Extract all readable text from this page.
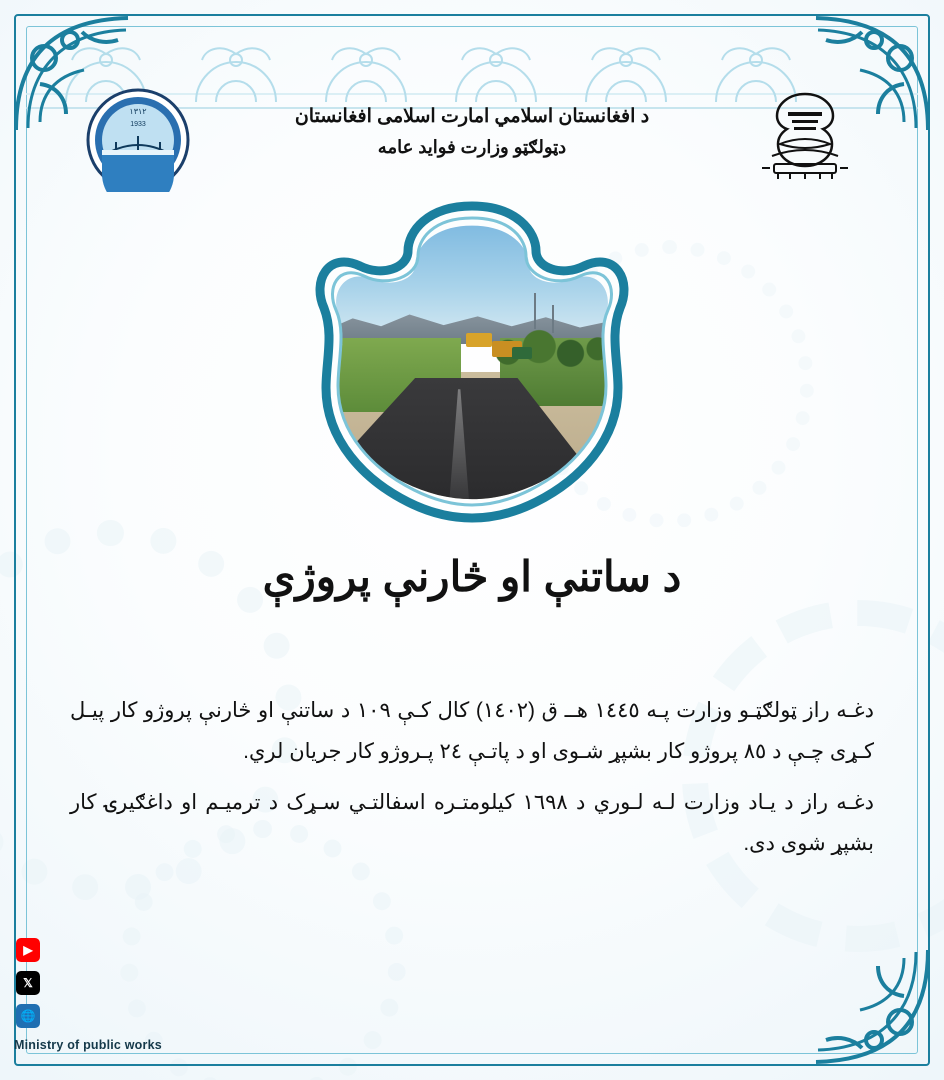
١٣١٢
1933	د افغانستان اسلامي امارت اسلامی افغانستان
دټولګټو وزارت فواید عامه
د ساتنې او څارنې پروژې

دغـه راز ټولګټـو وزارت پـه ١٤٤٥ هــ ق (١٤٠٢) کال کـې ١٠٩ د ساتنې او څارنې پروژو کار پیـل کـړی چـې د ٨٥ پروژو کار بشپړ شـوی او د پاتـې ٢٤ پـروژو کار جریان لري.

دغـه راز د یـاد وزارت لـه لـوري د ١٦٩٨ کیلومتـره اسفالتـي سـړک د ترمیـم او داغګیرۍ کار بشپړ شوی دی.

▶
𝕏
🌐
Ministry of public works
